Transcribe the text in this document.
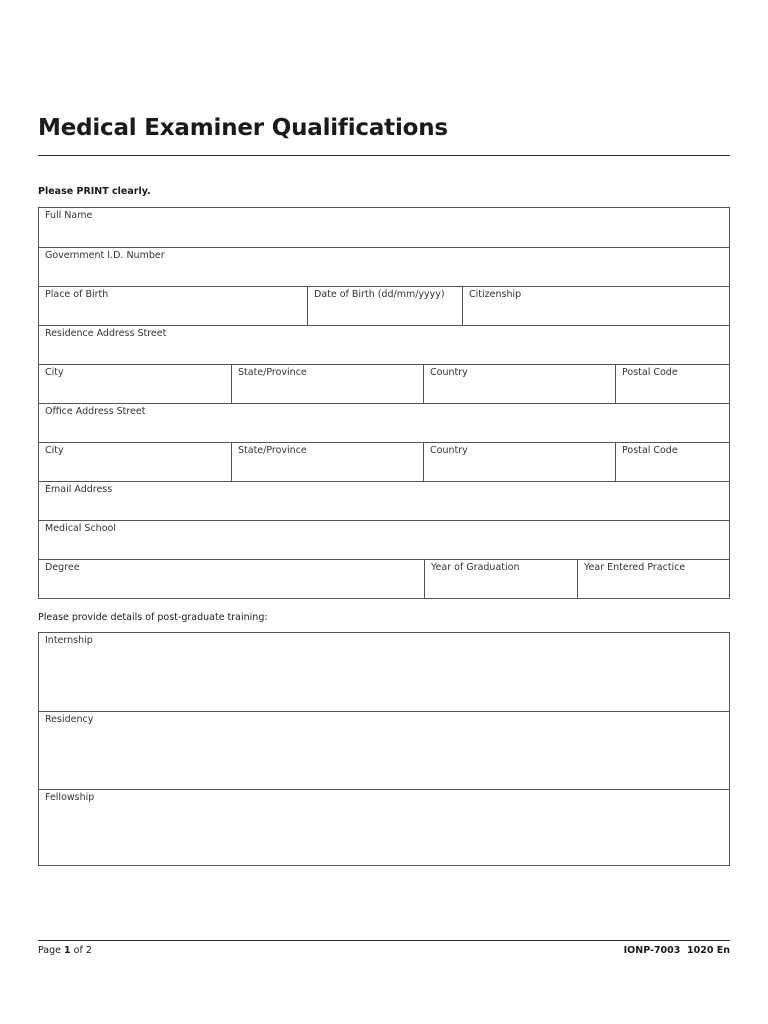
Medical Examiner Qualifications
Please PRINT clearly.
Full Name
Government I.D. Number
Place of Birth	Date of Birth (dd/mm/yyyy)	Citizenship
Residence Address Street
City	State/Province	Country	Postal Code
Office Address Street
City	State/Province	Country	Postal Code
Email Address
Medical School
Degree	Year of Graduation	Year Entered Practice
Please provide details of post-graduate training:
Internship
Residency
Fellowship
Page 1 of 2	IONP-7003  1020 En
